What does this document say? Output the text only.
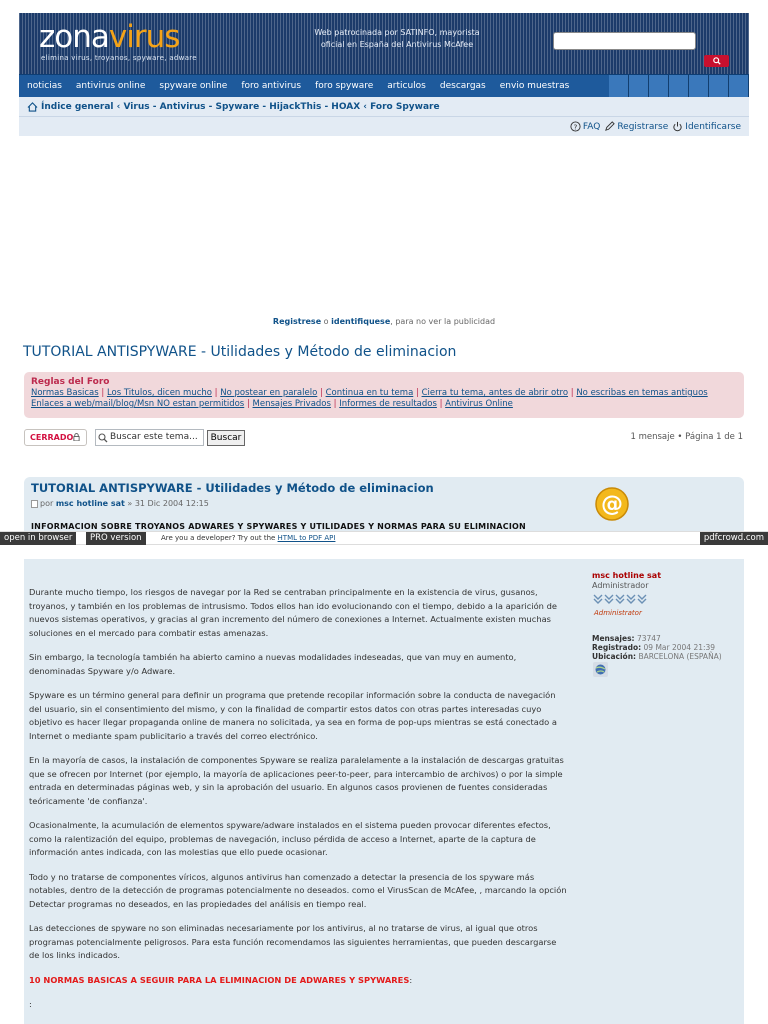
zonavirus
elimina virus, troyanos, spyware, adware
Web patrocinada por SATINFO, mayorista
oficial en España del Antivirus McAfee
noticias	antivirus online	spyware online	foro antivirus	foro spyware	articulos	descargas	envio muestras
Índice general ‹ Virus - Antivirus - Spyware - HijackThis - HOAX ‹ Foro Spyware
? FAQ Registrarse Identificarse
Registrese o identifiquese, para no ver la publicidad
TUTORIAL ANTISPYWARE - Utilidades y Método de eliminacion
Reglas del Foro
Normas Basicas | Los Titulos, dicen mucho | No postear en paralelo | Continua en tu tema | Cierra tu tema, antes de abrir otro | No escribas en temas antiguos
Enlaces a web/mail/blog/Msn NO estan permitidos | Mensajes Privados | Informes de resultados | Antivirus Online
CERRADO	Buscar este tema...	Buscar	1 mensaje • Página 1 de 1
TUTORIAL ANTISPYWARE - Utilidades y Método de eliminacion
por msc hotline sat » 31 Dic 2004 12:15
INFORMACION SOBRE TROYANOS ADWARES Y SPYWARES Y UTILIDADES Y NORMAS PARA SU ELIMINACION

Durante mucho tiempo, los riesgos de navegar por la Red se centraban principalmente en la existencia de virus, gusanos, troyanos, y también en los problemas de intrusismo. Todos ellos han ido evolucionando con el tiempo, debido a la aparición de nuevos sistemas operativos, y gracias al gran incremento del número de conexiones a Internet. Actualmente existen muchas soluciones en el mercado para combatir estas amenazas.

Sin embargo, la tecnología también ha abierto camino a nuevas modalidades indeseadas, que van muy en aumento, denominadas Spyware y/o Adware.

Spyware es un término general para definir un programa que pretende recopilar información sobre la conducta de navegación del usuario, sin el consentimiento del mismo, y con la finalidad de compartir estos datos con otras partes interesadas cuyo objetivo es hacer llegar propaganda online de manera no solicitada, ya sea en forma de pop-ups mientras se está conectado a Internet o mediante spam publicitario a través del correo electrónico.

En la mayoría de casos, la instalación de componentes Spyware se realiza paralelamente a la instalación de descargas gratuitas que se ofrecen por Internet (por ejemplo, la mayoría de aplicaciones peer-to-peer, para intercambio de archivos) o por la simple entrada en determinadas páginas web, y sin la aprobación del usuario. En algunos casos provienen de fuentes consideradas teóricamente 'de confianza'.

Ocasionalmente, la acumulación de elementos spyware/adware instalados en el sistema pueden provocar diferentes efectos, como la ralentización del equipo, problemas de navegación, incluso pérdida de acceso a Internet, aparte de la captura de información antes indicada, con las molestias que ello puede ocasionar.

Todo y no tratarse de componentes víricos, algunos antivirus han comenzado a detectar la presencia de los spyware más notables, dentro de la detección de programas potencialmente no deseados. como el VirusScan de McAfee, , marcando la opción Detectar programas no deseados, en las propiedades del análisis en tiempo real.

Las detecciones de spyware no son eliminadas necesariamente por los antivirus, al no tratarse de virus, al igual que otros programas potencialmente peligrosos. Para esta función recomendamos las siguientes herramientas, que pueden descargarse de los links indicados.

10 NORMAS BASICAS A SEGUIR PARA LA ELIMINACION DE ADWARES Y SPYWARES:

:

@
msc hotline sat
Administrador
Administrator
Mensajes: 73747
Registrado: 09 Mar 2004 21:39
Ubicación: BARCELONA (ESPAÑA)
open in browser	PRO version	Are you a developer? Try out the HTML to PDF API	pdfcrowd.com
